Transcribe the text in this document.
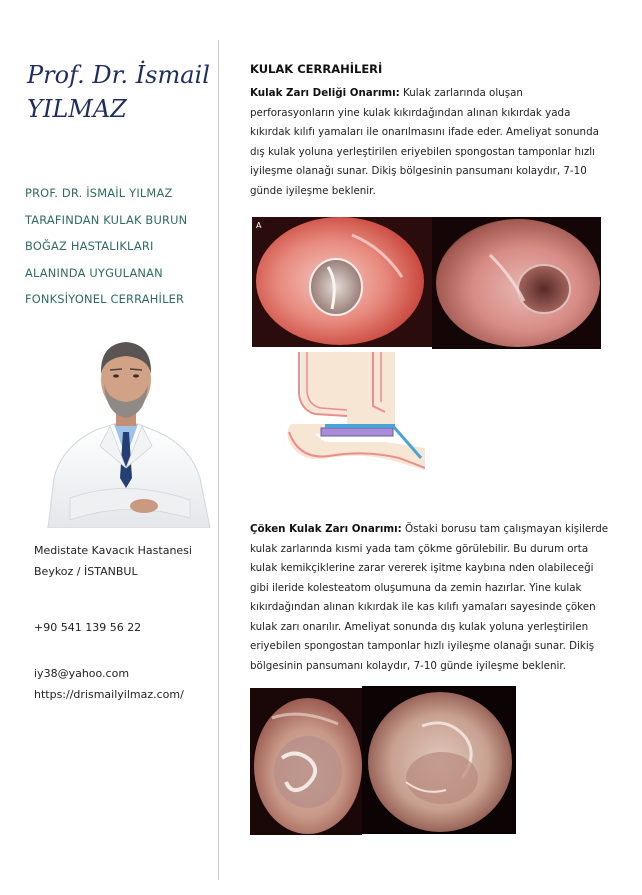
Prof. Dr. İsmail
YILMAZ
PROF. DR. İSMAİL YILMAZ
TARAFINDAN KULAK BURUN
BOĞAZ HASTALIKLARI
ALANINDA UYGULANAN
FONKSİYONEL CERRAHİLER
Medistate Kavacık Hastanesi
Beykoz / İSTANBUL
+90 541 139 56 22
iy38@yahoo.com
https://drismailyilmaz.com/
KULAK CERRAHİLERİ

Kulak Zarı Deliği Onarımı: Kulak zarlarında oluşan perforasyonların yine kulak kıkırdağından alınan kıkırdak yada kıkırdak kılıfı yamaları ile onarılmasını ifade eder. Ameliyat sonunda dış kulak yoluna yerleştirilen eriyebilen spongostan tamponlar hızlı iyileşme olanağı sunar. Dikiş bölgesinin pansumanı kolaydır, 7-10 günde iyileşme beklenir.

A

Çöken Kulak Zarı Onarımı: Östaki borusu tam çalışmayan kişilerde kulak zarlarında kısmi yada tam çökme görülebilir. Bu durum orta kulak kemikçiklerine zarar vererek işitme kaybına nden olabileceği gibi ileride kolesteatom oluşumuna da zemin hazırlar. Yine kulak kıkırdağından alınan kıkırdak ile kas kılıfı yamaları sayesinde çöken kulak zarı onarılır. Ameliyat sonunda dış kulak yoluna yerleştirilen eriyebilen spongostan tamponlar hızlı iyileşme olanağı sunar. Dikiş bölgesinin pansumanı kolaydır, 7-10 günde iyileşme beklenir.
